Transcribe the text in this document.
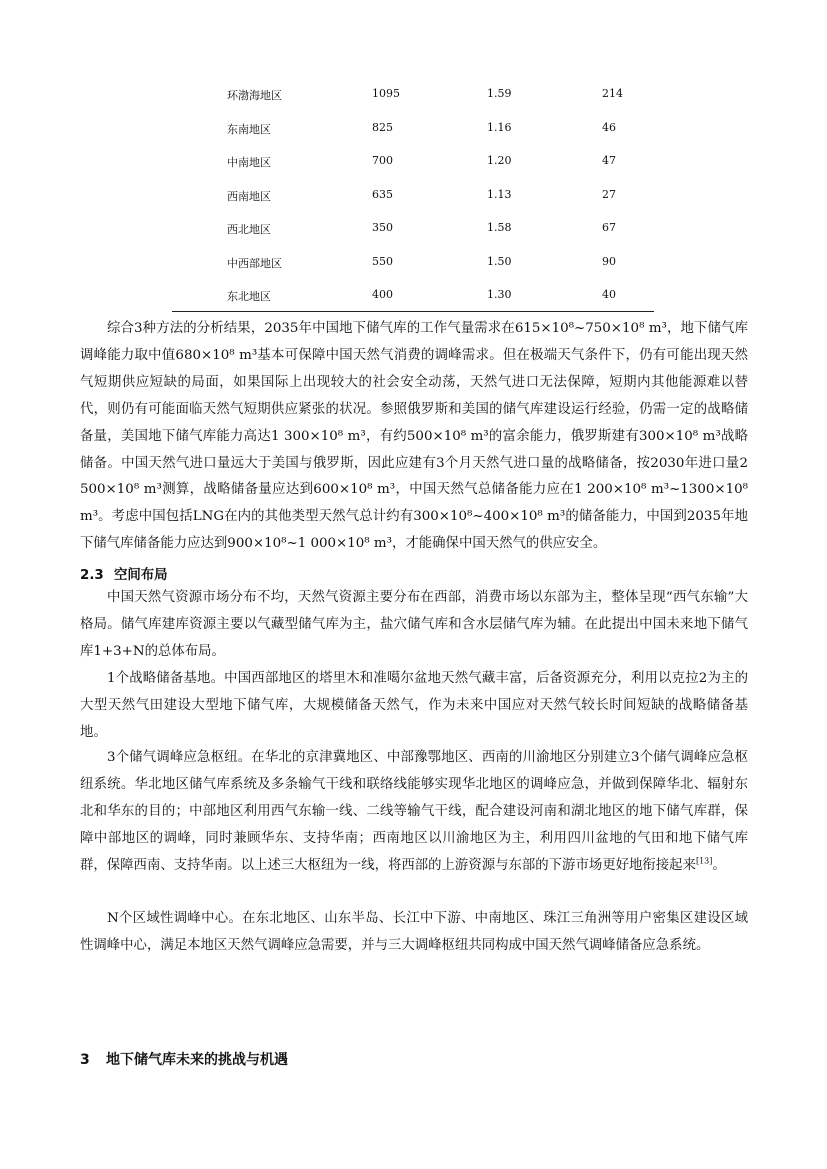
环渤海地区	1095	1.59	214
东南地区	825	1.16	46
中南地区	700	1.20	47
西南地区	635	1.13	27
西北地区	350	1.58	67
中西部地区	550	1.50	90
东北地区	400	1.30	40

综合3种方法的分析结果，2035年中国地下储气库的工作气量需求在615×10⁸~750×10⁸ m³，地下储气库调峰能力取中值680×10⁸ m³基本可保障中国天然气消费的调峰需求。但在极端天气条件下，仍有可能出现天然气短期供应短缺的局面，如果国际上出现较大的社会安全动荡，天然气进口无法保障，短期内其他能源难以替代，则仍有可能面临天然气短期供应紧张的状况。参照俄罗斯和美国的储气库建设运行经验，仍需一定的战略储备量，美国地下储气库能力高达1 300×10⁸ m³，有约500×10⁸ m³的富余能力，俄罗斯建有300×10⁸ m³战略储备。中国天然气进口量远大于美国与俄罗斯，因此应建有3个月天然气进口量的战略储备，按2030年进口量2 500×10⁸ m³测算，战略储备量应达到600×10⁸ m³，中国天然气总储备能力应在1 200×10⁸ m³~1300×10⁸ m³。考虑中国包括LNG在内的其他类型天然气总计约有300×10⁸~400×10⁸ m³的储备能力，中国到2035年地下储气库储备能力应达到900×10⁸~1 000×10⁸ m³，才能确保中国天然气的供应安全。

2.3 空间布局

中国天然气资源市场分布不均，天然气资源主要分布在西部，消费市场以东部为主，整体呈现“西气东输”大格局。储气库建库资源主要以气藏型储气库为主，盐穴储气库和含水层储气库为辅。在此提出中国未来地下储气库1+3+N的总体布局。

1个战略储备基地。中国西部地区的塔里木和准噶尔盆地天然气藏丰富，后备资源充分，利用以克拉2为主的大型天然气田建设大型地下储气库，大规模储备天然气，作为未来中国应对天然气较长时间短缺的战略储备基地。

3个储气调峰应急枢纽。在华北的京津冀地区、中部豫鄂地区、西南的川渝地区分别建立3个储气调峰应急枢纽系统。华北地区储气库系统及多条输气干线和联络线能够实现华北地区的调峰应急，并做到保障华北、辐射东北和华东的目的；中部地区利用西气东输一线、二线等输气干线，配合建设河南和湖北地区的地下储气库群，保障中部地区的调峰，同时兼顾华东、支持华南；西南地区以川渝地区为主，利用四川盆地的气田和地下储气库群，保障西南、支持华南。以上述三大枢纽为一线，将西部的上游资源与东部的下游市场更好地衔接起来[13]。

N个区域性调峰中心。在东北地区、山东半岛、长江中下游、中南地区、珠江三角洲等用户密集区建设区域性调峰中心，满足本地区天然气调峰应急需要，并与三大调峰枢纽共同构成中国天然气调峰储备应急系统。

3 地下储气库未来的挑战与机遇
